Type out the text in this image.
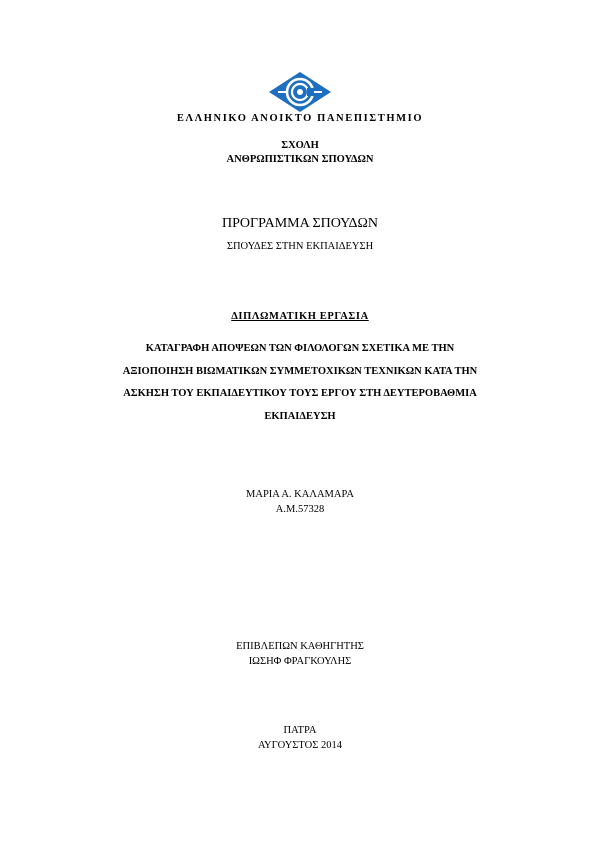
ΕΛΛΗΝΙΚΟ ΑΝΟΙΚΤΟ ΠΑΝΕΠΙΣΤΗΜΙΟ
ΣΧΟΛΗ
ΑΝΘΡΩΠΙΣΤΙΚΩΝ ΣΠΟΥΔΩΝ
ΠΡΟΓΡΑΜΜΑ ΣΠΟΥΔΩΝ
ΣΠΟΥΔΕΣ ΣΤΗΝ ΕΚΠΑΙΔΕΥΣΗ
ΔΙΠΛΩΜΑΤΙΚΗ ΕΡΓΑΣΙΑ
ΚΑΤΑΓΡΑΦΗ ΑΠΟΨΕΩΝ ΤΩΝ ΦΙΛΟΛΟΓΩΝ ΣΧΕΤΙΚΑ ΜΕ ΤΗΝ
ΑΞΙΟΠΟΙΗΣΗ ΒΙΩΜΑΤΙΚΩΝ ΣΥΜΜΕΤΟΧΙΚΩΝ ΤΕΧΝΙΚΩΝ ΚΑΤΑ ΤΗΝ
ΑΣΚΗΣΗ ΤΟΥ ΕΚΠΑΙΔΕΥΤΙΚΟΥ ΤΟΥΣ ΕΡΓΟΥ ΣΤΗ ΔΕΥΤΕΡΟΒΑΘΜΙΑ
ΕΚΠΑΙΔΕΥΣΗ
ΜΑΡΙΑ Α. ΚΑΛΑΜΑΡΑ
Α.Μ.57328
ΕΠΙΒΛΕΠΩΝ ΚΑΘΗΓΗΤΗΣ
ΙΩΣΗΦ ΦΡΑΓΚΟΥΛΗΣ
ΠΑΤΡΑ
ΑΥΓΟΥΣΤΟΣ 2014
